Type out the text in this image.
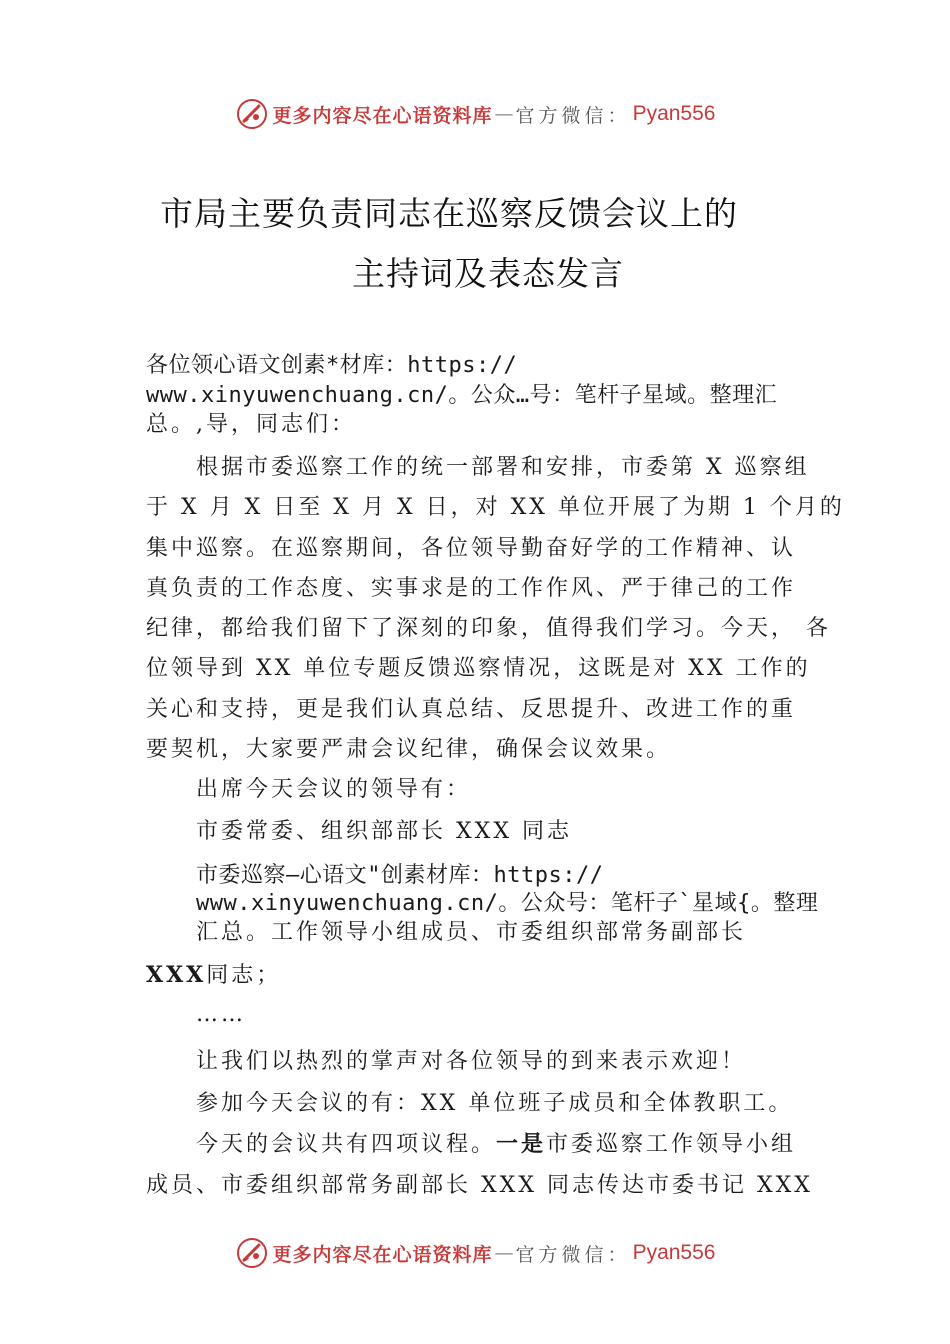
更多内容尽在心语资料库 — 官方微信： Pyan556
市局主要负责同志在巡察反馈会议上的
主持词及表态发言
各位领心语文创素*材库：https://
www.xinyuwenchuang.cn/。公众…号：笔杆子星域。整理汇
总。,导，同志们：
根据市委巡察工作的统一部署和安排，市委第 X 巡察组
于 X 月 X 日至 X 月 X 日，对 XX 单位开展了为期 1 个月的
集中巡察。在巡察期间，各位领导勤奋好学的工作精神、认
真负责的工作态度、实事求是的工作作风、严于律己的工作
纪律，都给我们留下了深刻的印象，值得我们学习。今天， 各
位领导到 XX 单位专题反馈巡察情况，这既是对 XX 工作的
关心和支持，更是我们认真总结、反思提升、改进工作的重
要契机，大家要严肃会议纪律，确保会议效果。
出席今天会议的领导有：
市委常委、组织部部长 XXX 同志
市委巡察—心语文"创素材库：https://
www.xinyuwenchuang.cn/。公众号：笔杆子`星域{。整理
汇总。工作领导小组成员、市委组织部常务副部长
XXX同志；
……
让我们以热烈的掌声对各位领导的到来表示欢迎！
参加今天会议的有：XX 单位班子成员和全体教职工。
今天的会议共有四项议程。一是市委巡察工作领导小组
成员、市委组织部常务副部长 XXX 同志传达市委书记 XXX
更多内容尽在心语资料库 — 官方微信： Pyan556
